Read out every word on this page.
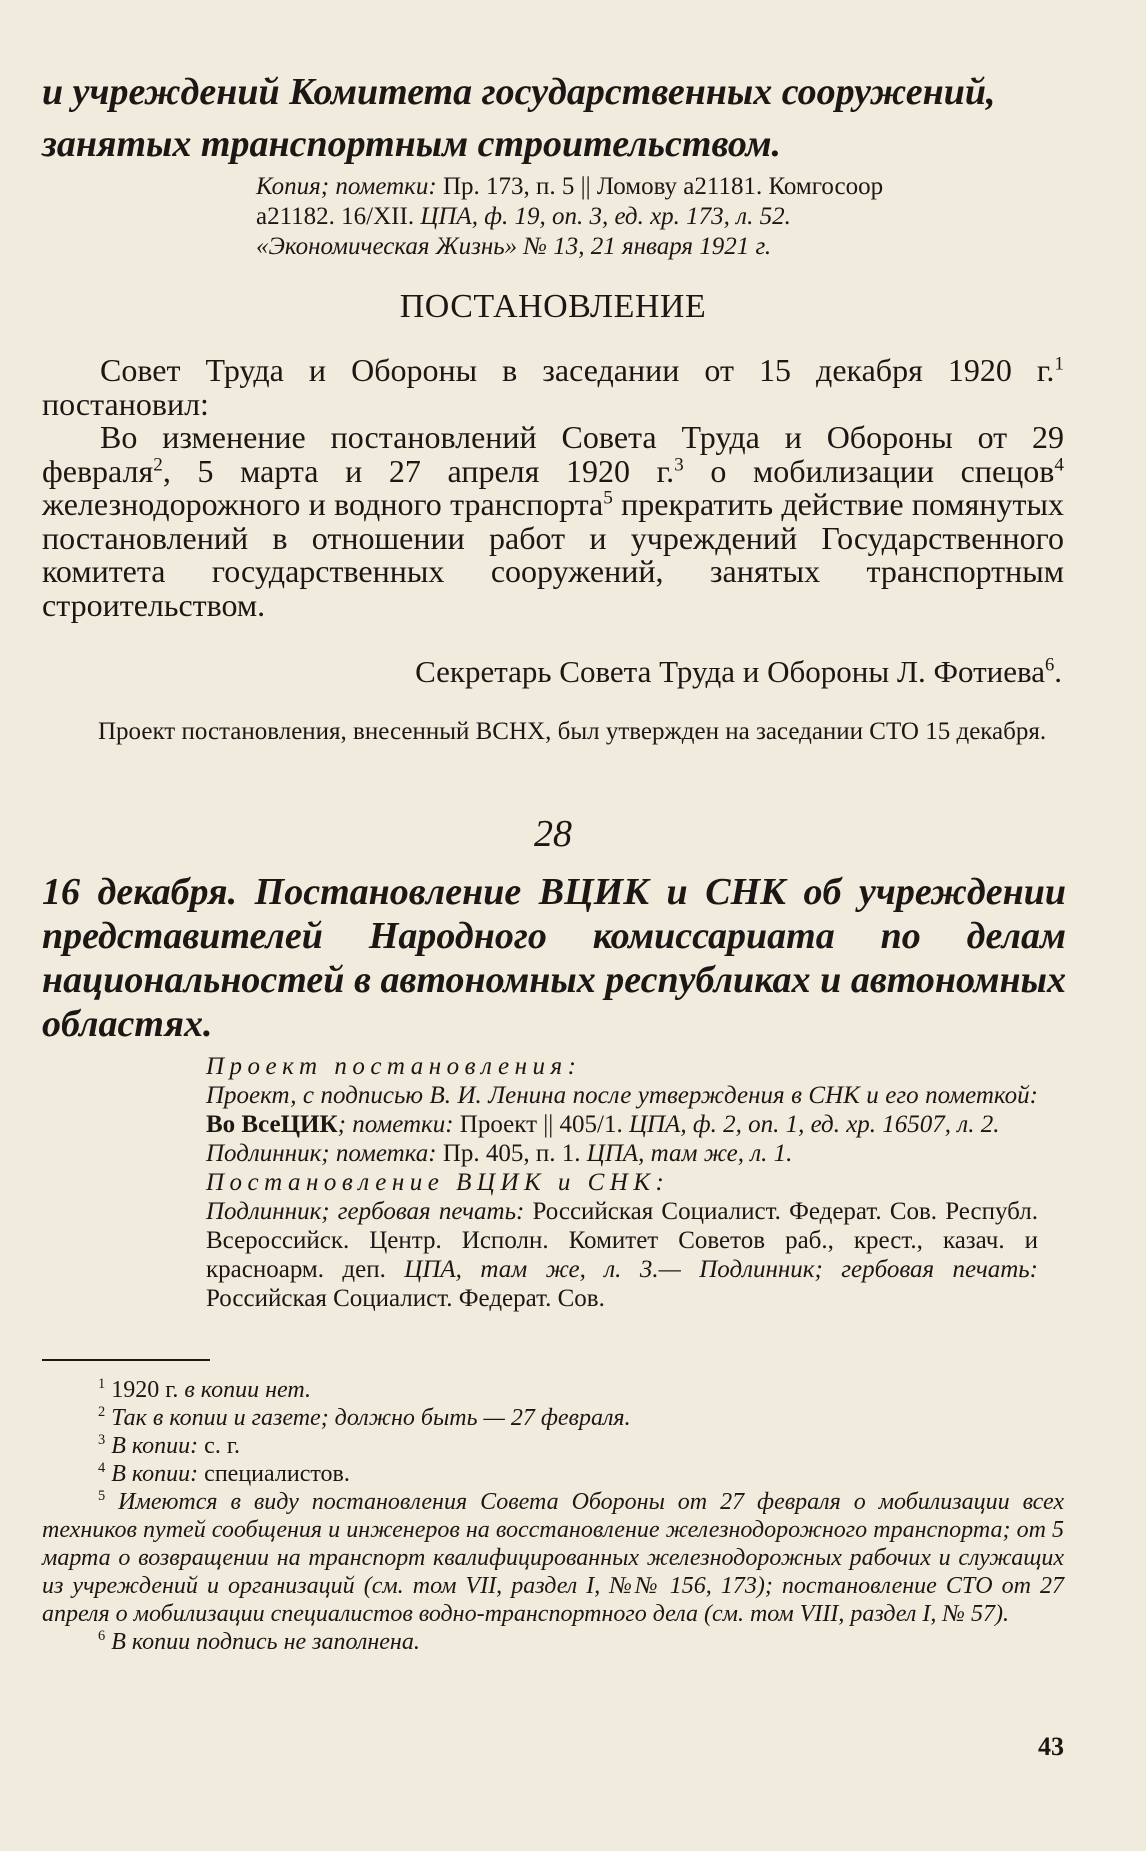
и учреждений Комитета государственных сооружений, занятых транспортным строительством.

Копия; пометки: Пр. 173, п. 5 || Ломову а21181. Комгосоор
а21182. 16/XII. ЦПА, ф. 19, оп. 3, ед. хр. 173, л. 52.
«Экономическая Жизнь» № 13, 21 января 1921 г.
ПОСТАНОВЛЕНИЕ

Совет Труда и Обороны в заседании от 15 декабря 1920 г.$^1$ постановил:

Во изменение постановлений Совета Труда и Обороны от 29 февраля$^2$, 5 марта и 27 апреля 1920 г.$^3$ о мобилизации спецов$^4$ железнодорожного и водного транспорта$^5$ прекратить действие помянутых постановлений в отношении работ и учреждений Государственного комитета государственных сооружений, занятых транспортным строительством.

Секретарь Совета Труда и Обороны Л. Фотиева$^6$.

Проект постановления, внесенный ВСНХ, был утвержден на заседании СТО 15 декабря.

28

16 декабря. Постановление ВЦИК и СНК об учреждении представителей Народного комиссариата по делам национальностей в автономных республиках и автономных областях.

Проект постановления:

Проект, с подписью В. И. Ленина после утверждения в СНК и его пометкой: Во ВсеЦИК; пометки: Проект || 405/1. ЦПА, ф. 2, оп. 1, ед. хр. 16507, л. 2.

Подлинник; пометка: Пр. 405, п. 1. ЦПА, там же, л. 1.

Постановление ВЦИК и СНК:

Подлинник; гербовая печать: Российская Социалист. Федерат. Сов. Республ. Всероссийск. Центр. Исполн. Комитет Советов раб., крест., казач. и красноарм. деп. ЦПА, там же, л. 3.— Подлинник; гербовая печать: Российская Социалист. Федерат. Сов.

$^1$ 1920 г. в копии нет.

$^2$ Так в копии и газете; должно быть — 27 февраля.

$^3$ В копии: с. г.

$^4$ В копии: специалистов.

$^5$ Имеются в виду постановления Совета Обороны от 27 февраля о мобилизации всех техников путей сообщения и инженеров на восстановление железнодорожного транспорта; от 5 марта о возвращении на транспорт квалифицированных железнодорожных рабочих и служащих из учреждений и организаций (см. том VII, раздел I, №№ 156, 173); постановление СТО от 27 апреля о мобилизации специалистов водно-транспортного дела (см. том VIII, раздел I, № 57).

$^6$ В копии подпись не заполнена.

43
